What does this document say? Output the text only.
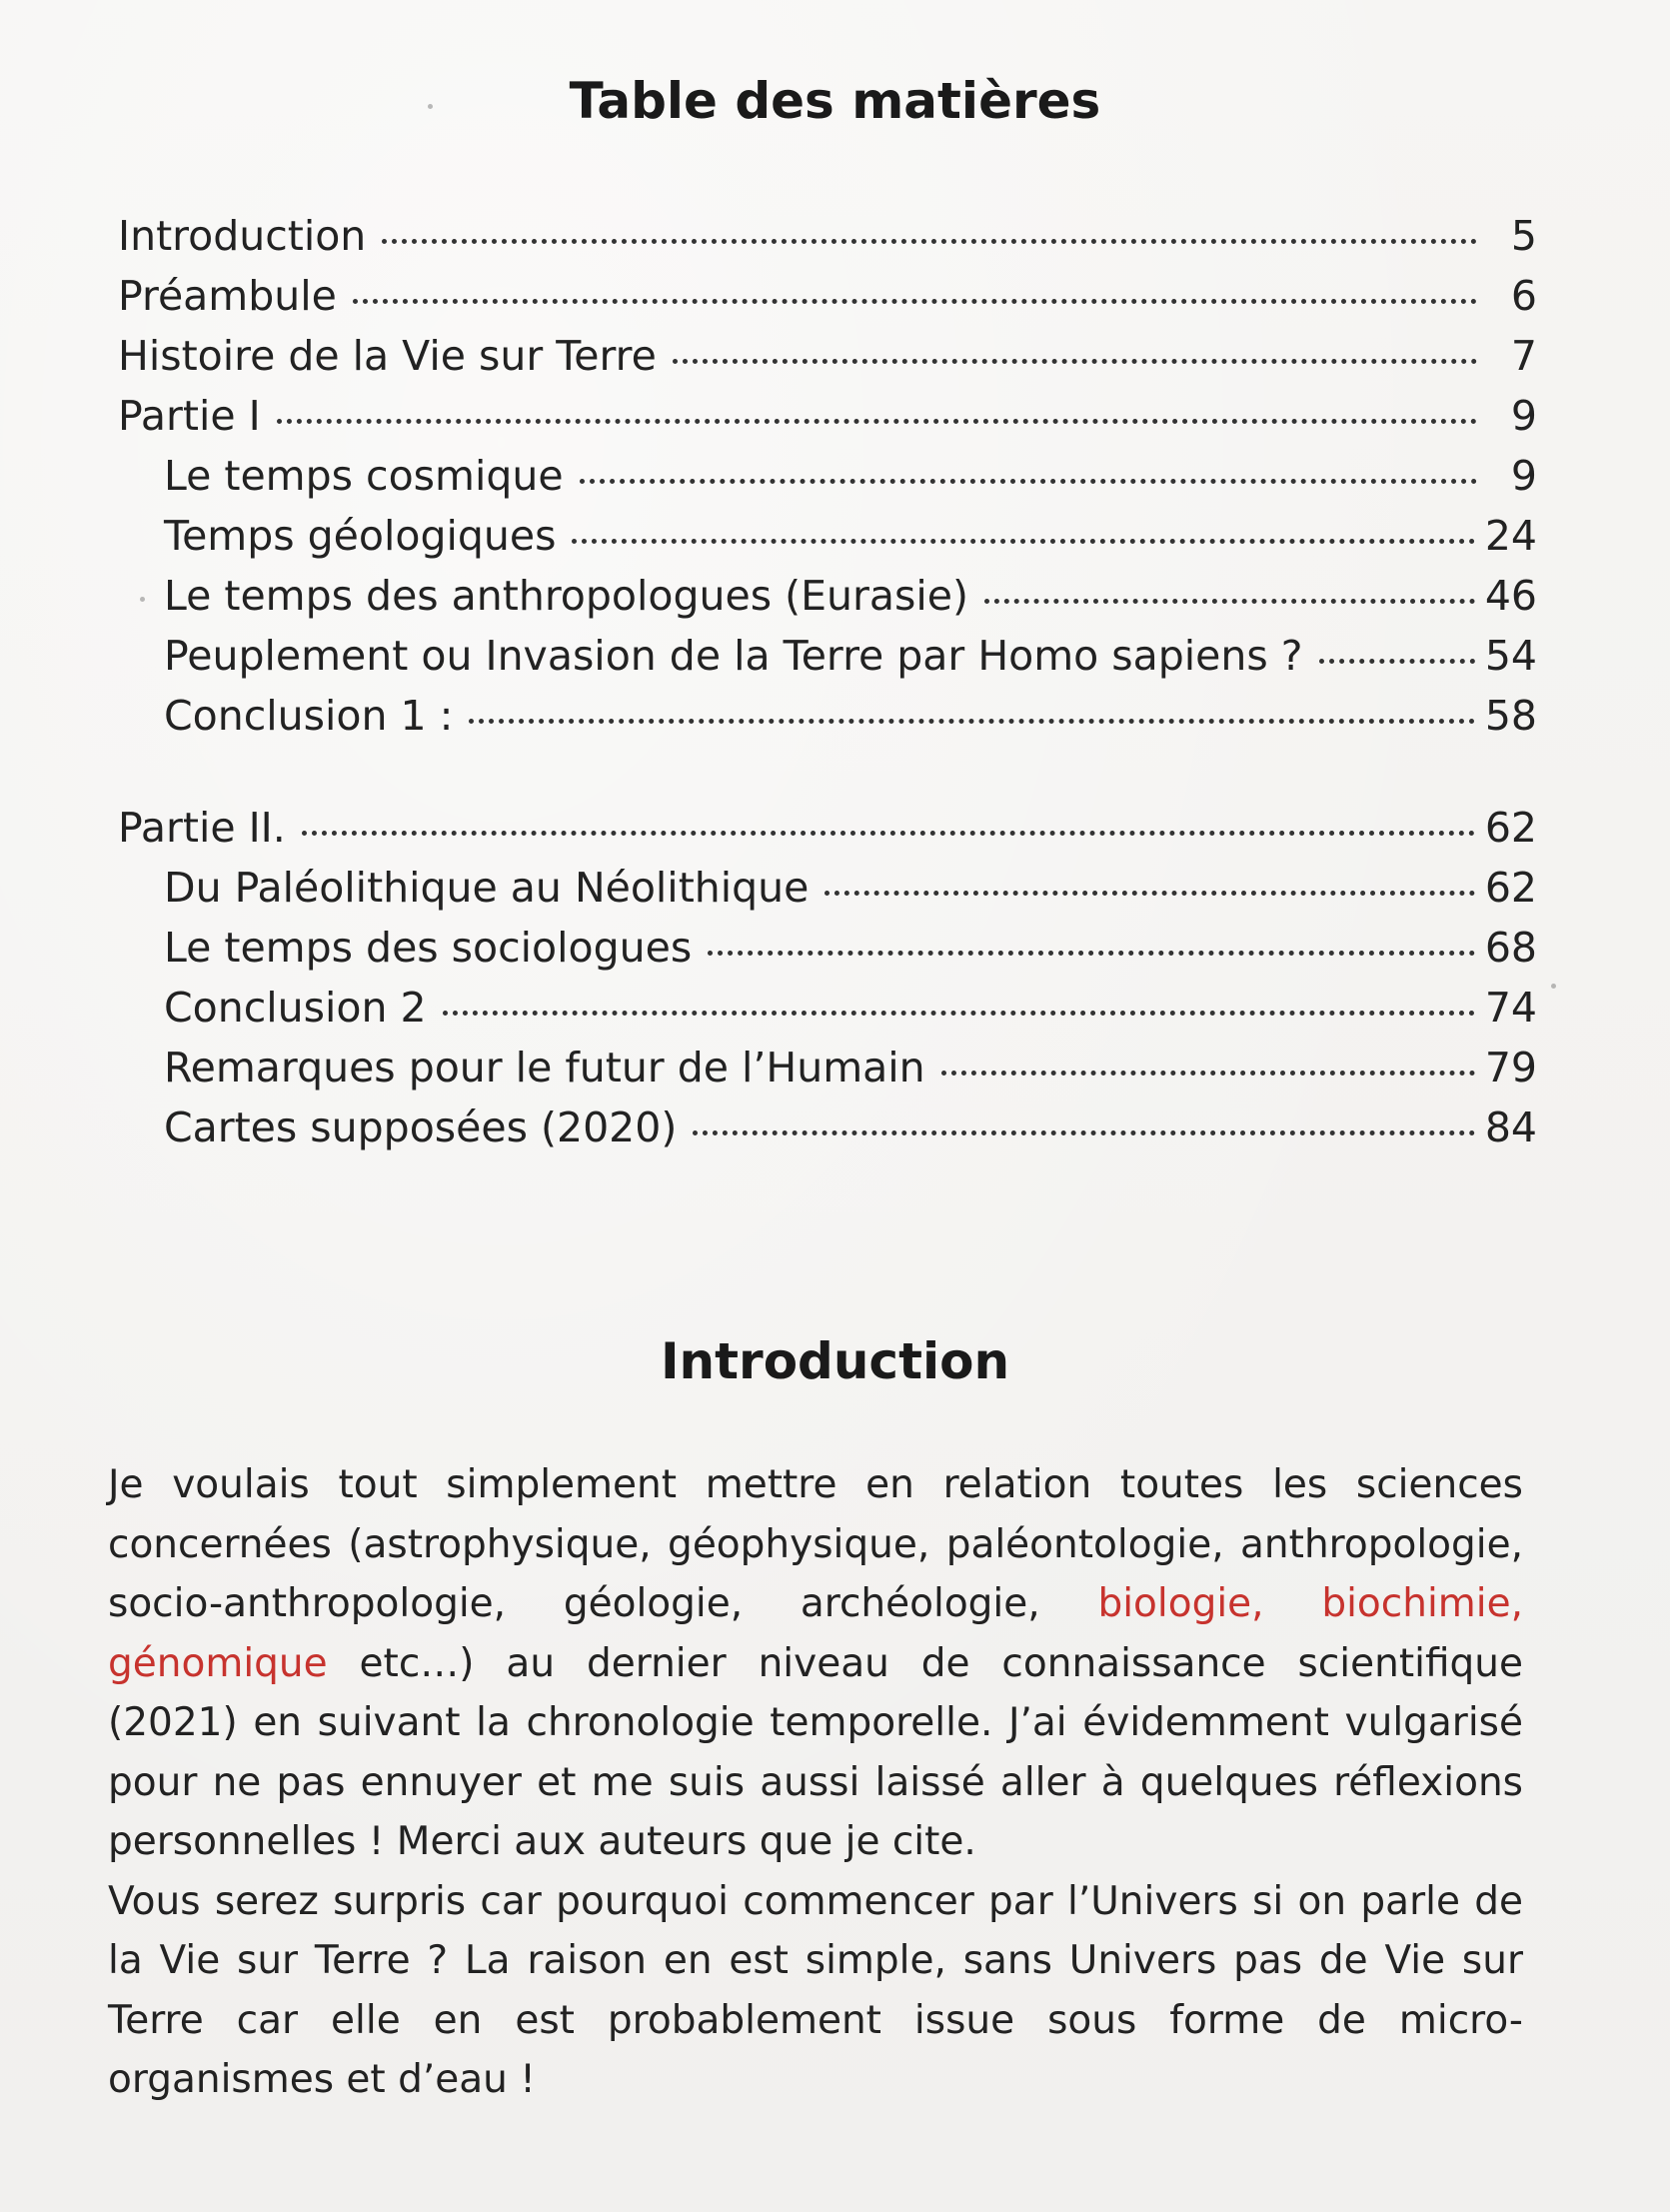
Table des matières
Introduction	5
Préambule	6
Histoire de la Vie sur Terre	7
Partie I	9
Le temps cosmique	9
Temps géologiques	24
Le temps des anthropologues (Eurasie)	46
Peuplement ou Invasion de la Terre par Homo sapiens ?	54
Conclusion 1 :	58
Partie II.	62
Du Paléolithique au Néolithique	62
Le temps des sociologues	68
Conclusion 2	74
Remarques pour le futur de l’Humain	79
Cartes supposées (2020)	84
Introduction

Je voulais tout simplement mettre en relation toutes les sciences concernées (astrophysique, géophysique, paléontologie, anthropologie, socio-anthropologie, géologie, archéologie, biologie, biochimie, génomique etc…) au dernier niveau de connaissance scientifique (2021) en suivant la chronologie temporelle. J’ai évidemment vulgarisé pour ne pas ennuyer et me suis aussi laissé aller à quelques réflexions personnelles ! Merci aux auteurs que je cite.

Vous serez surpris car pourquoi commencer par l’Univers si on parle de la Vie sur Terre ? La raison en est simple, sans Univers pas de Vie sur Terre car elle en est probablement issue sous forme de micro-organismes et d’eau !
